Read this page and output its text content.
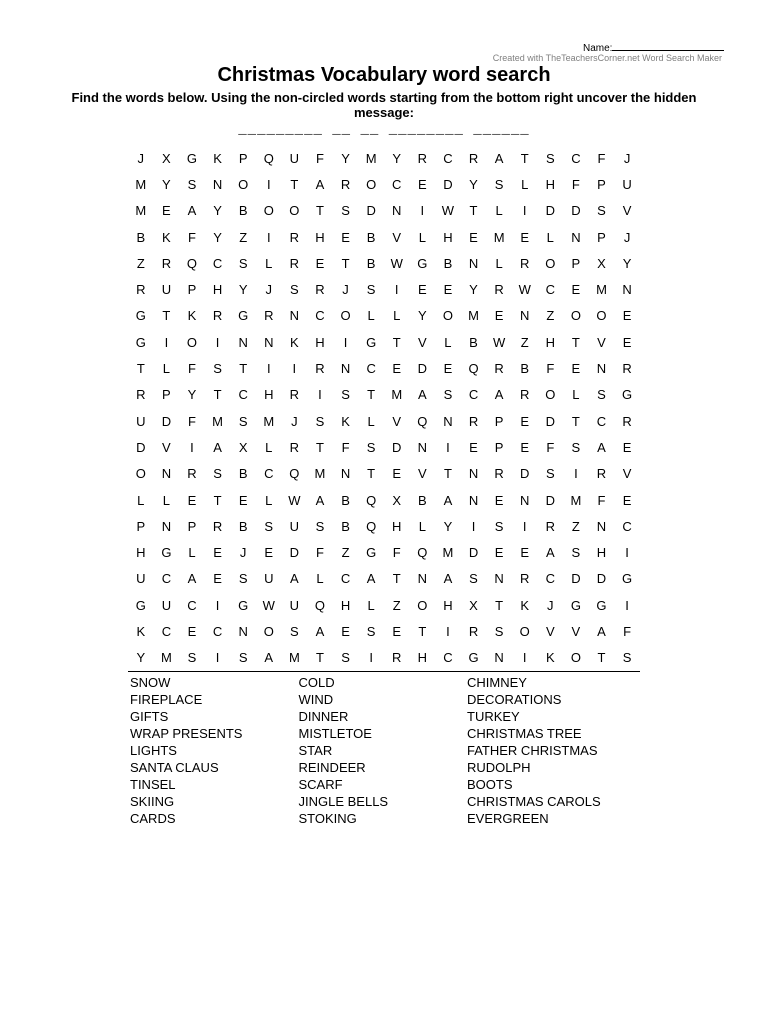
Name:
Created with TheTeachersCorner.net Word Search Maker
Christmas Vocabulary word search
Find the words below. Using the non-circled words starting from the bottom right uncover the hidden message:
_________ __ __ ________ ______
J	X	G	K	P	Q	U	F	Y	M	Y	R	C	R	A	T	S	C	F	J
M	Y	S	N	O	I	T	A	R	O	C	E	D	Y	S	L	H	F	P	U
M	E	A	Y	B	O	O	T	S	D	N	I	W	T	L	I	D	D	S	V
B	K	F	Y	Z	I	R	H	E	B	V	L	H	E	M	E	L	N	P	J
Z	R	Q	C	S	L	R	E	T	B	W	G	B	N	L	R	O	P	X	Y
R	U	P	H	Y	J	S	R	J	S	I	E	E	Y	R	W	C	E	M	N
G	T	K	R	G	R	N	C	O	L	L	Y	O	M	E	N	Z	O	O	E
G	I	O	I	N	N	K	H	I	G	T	V	L	B	W	Z	H	T	V	E
T	L	F	S	T	I	I	R	N	C	E	D	E	Q	R	B	F	E	N	R
R	P	Y	T	C	H	R	I	S	T	M	A	S	C	A	R	O	L	S	G
U	D	F	M	S	M	J	S	K	L	V	Q	N	R	P	E	D	T	C	R
D	V	I	A	X	L	R	T	F	S	D	N	I	E	P	E	F	S	A	E
O	N	R	S	B	C	Q	M	N	T	E	V	T	N	R	D	S	I	R	V
L	L	E	T	E	L	W	A	B	Q	X	B	A	N	E	N	D	M	F	E
P	N	P	R	B	S	U	S	B	Q	H	L	Y	I	S	I	R	Z	N	C
H	G	L	E	J	E	D	F	Z	G	F	Q	M	D	E	E	A	S	H	I
U	C	A	E	S	U	A	L	C	A	T	N	A	S	N	R	C	D	D	G
G	U	C	I	G	W	U	Q	H	L	Z	O	H	X	T	K	J	G	G	I
K	C	E	C	N	O	S	A	E	S	E	T	I	R	S	O	V	V	A	F
Y	M	S	I	S	A	M	T	S	I	R	H	C	G	N	I	K	O	T	S
SNOW
FIREPLACE
GIFTS
WRAP PRESENTS
LIGHTS
SANTA CLAUS
TINSEL
SKIING
CARDS
COLD
WIND
DINNER
MISTLETOE
STAR
REINDEER
SCARF
JINGLE BELLS
STOKING
CHIMNEY
DECORATIONS
TURKEY
CHRISTMAS TREE
FATHER CHRISTMAS
RUDOLPH
BOOTS
CHRISTMAS CAROLS
EVERGREEN
